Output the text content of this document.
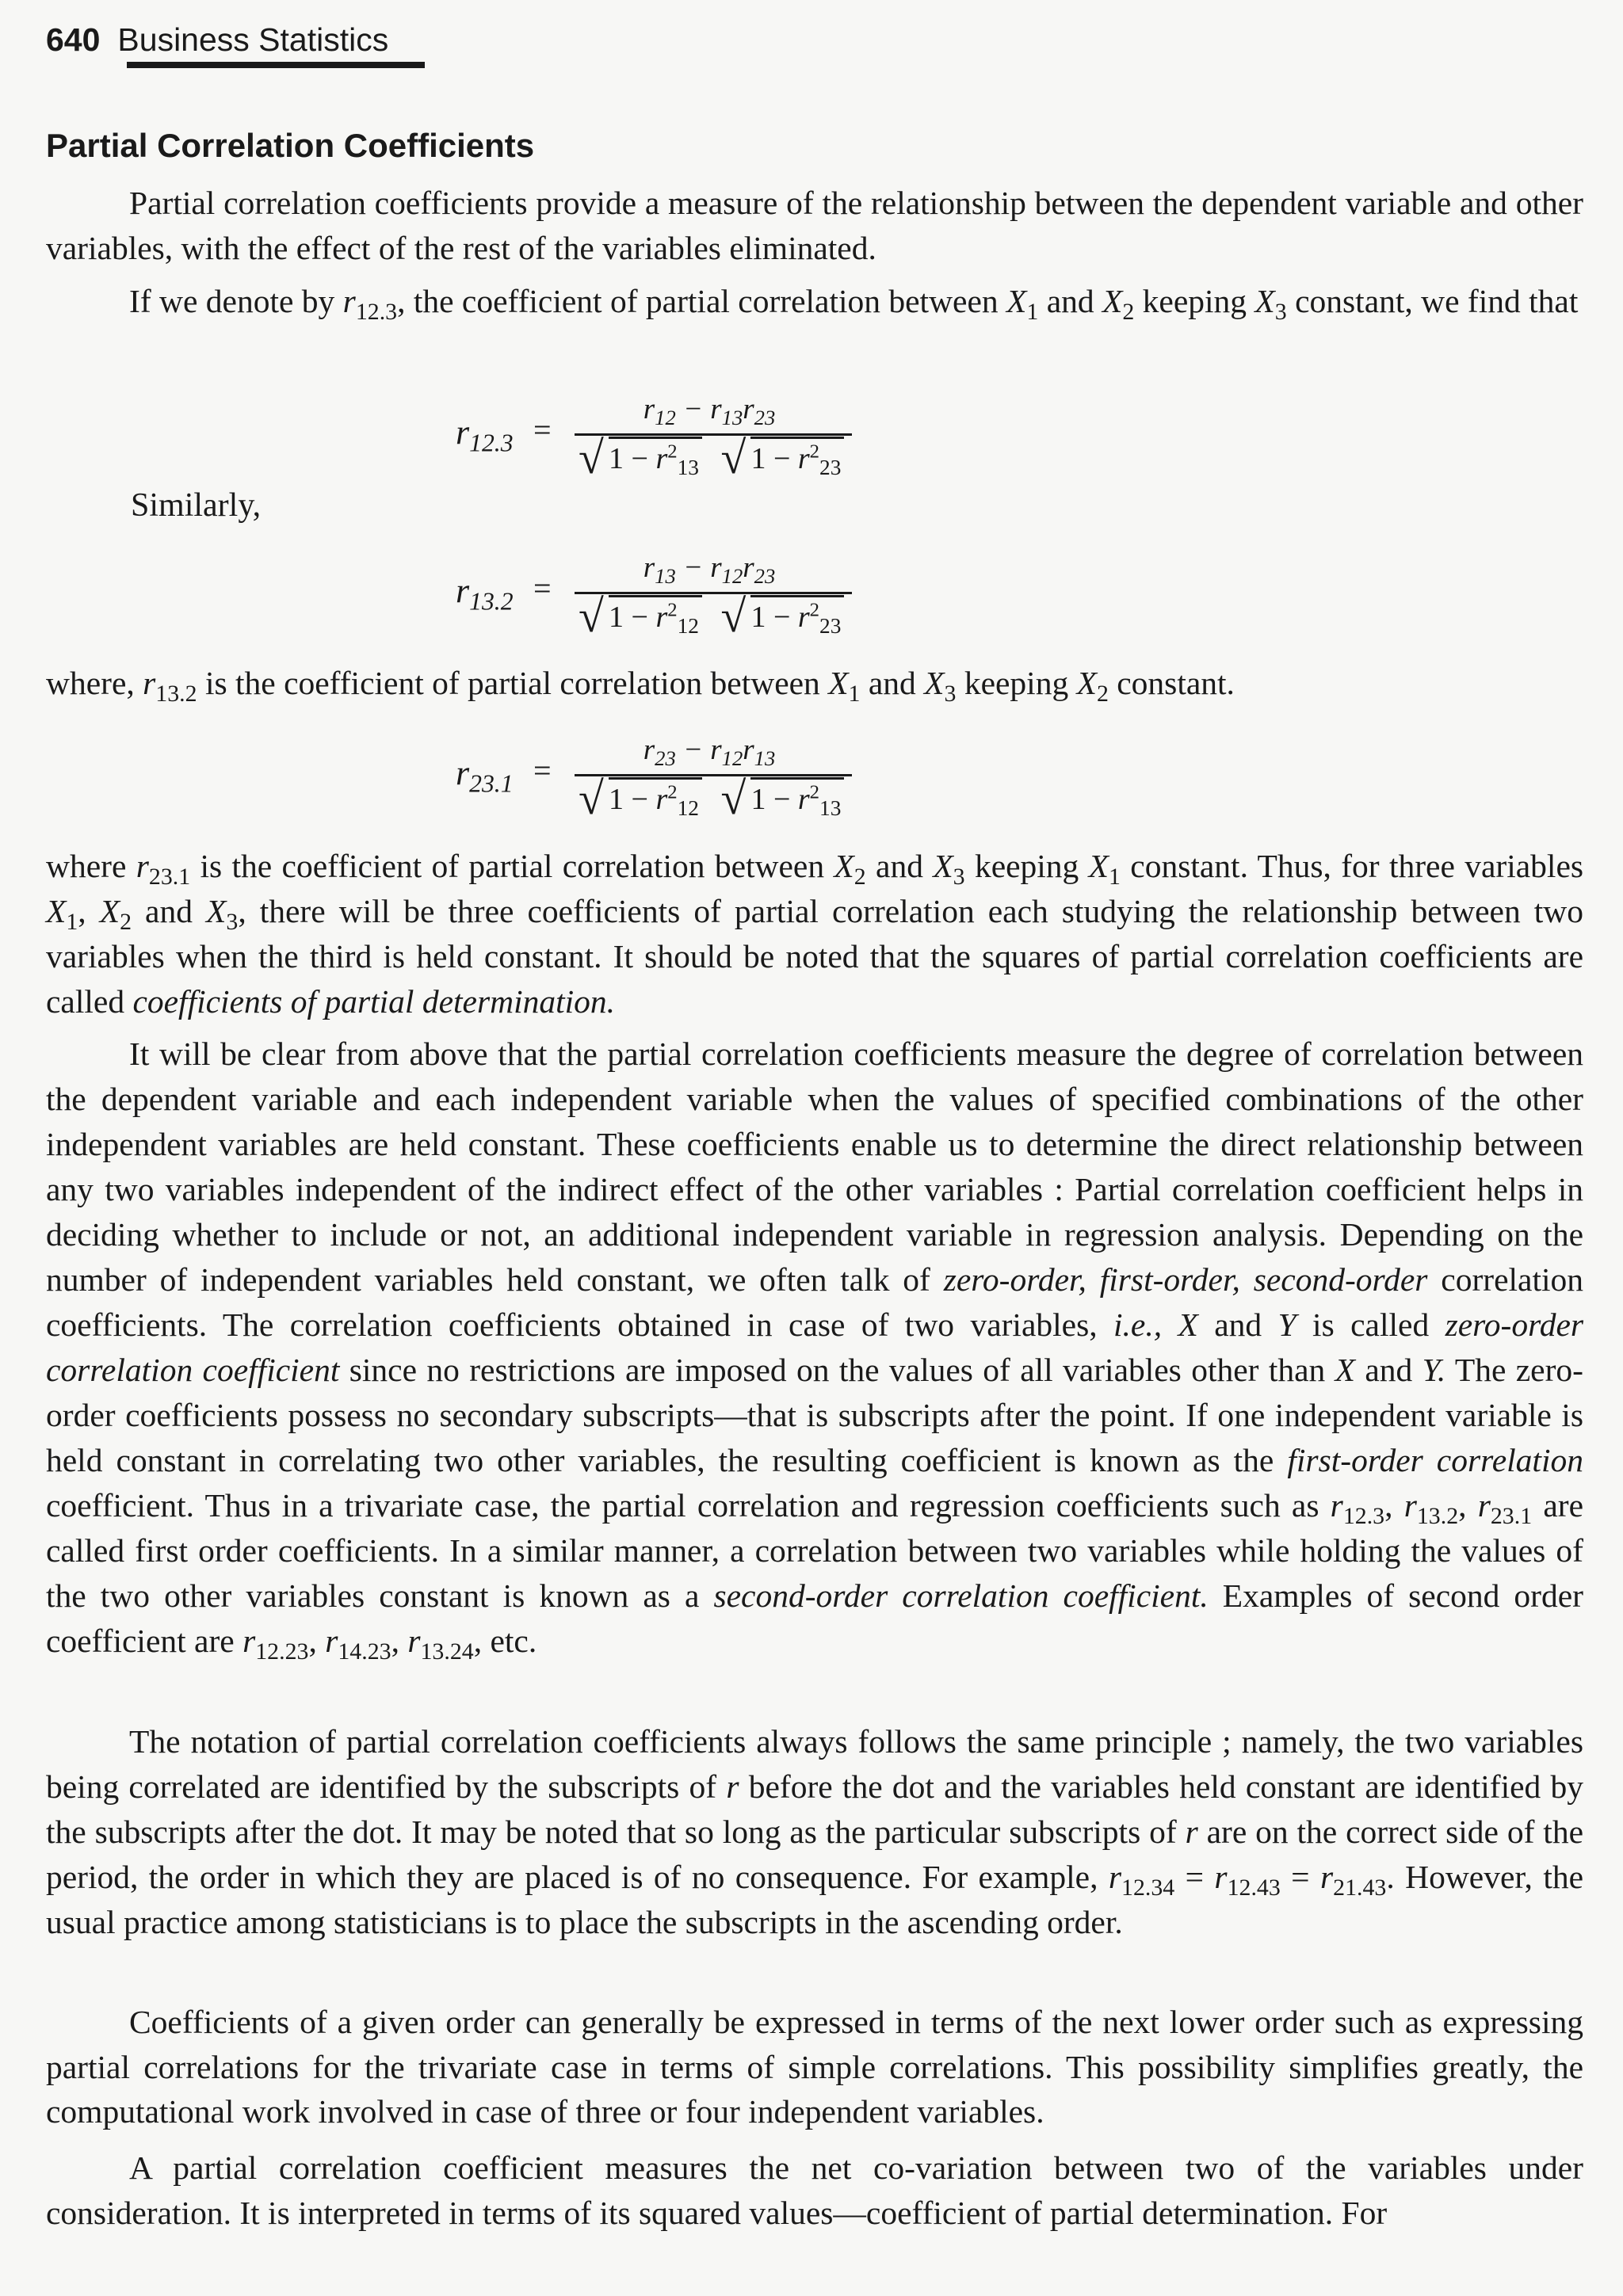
640 Business Statistics
Partial Correlation Coefficients
Partial correlation coefficients provide a measure of the relationship between the dependent variable and other variables, with the effect of the rest of the variables eliminated.
If we denote by $r_{12.3}$, the coefficient of partial correlation between $X_1$ and $X_2$ keeping $X_3$ constant, we find that
$r_{12.3}$ =
$r_{12} - r_{13}r_{23}$
√ $1 - r^2_{13}$ √ $1 - r^2_{23}$
Similarly,
$r_{13.2}$ =
$r_{13} - r_{12}r_{23}$
√ $1 - r^2_{12}$ √ $1 - r^2_{23}$
where, $r_{13.2}$ is the coefficient of partial correlation between $X_1$ and $X_3$ keeping $X_2$ constant.
$r_{23.1}$ =
$r_{23} - r_{12}r_{13}$
√ $1 - r^2_{12}$ √ $1 - r^2_{13}$
where $r_{23.1}$ is the coefficient of partial correlation between $X_2$ and $X_3$ keeping $X_1$ constant. Thus, for three variables $X_1$, $X_2$ and $X_3$, there will be three coefficients of partial correlation each studying the relationship between two variables when the third is held constant. It should be noted that the squares of partial correlation coefficients are called coefficients of partial determination.
It will be clear from above that the partial correlation coefficients measure the degree of correlation between the dependent variable and each independent variable when the values of specified combinations of the other independent variables are held constant. These coefficients enable us to determine the direct relationship between any two variables independent of the indirect effect of the other variables : Partial correlation coefficient helps in deciding whether to include or not, an additional independent variable in regression analysis. Depending on the number of independent variables held constant, we often talk of zero-order, first-order, second-order correlation coefficients. The correlation coefficients obtained in case of two variables, i.e., X and Y is called zero-order correlation coefficient since no restrictions are imposed on the values of all variables other than X and Y. The zero-order coefficients possess no secondary subscripts—that is subscripts after the point. If one independent variable is held constant in correlating two other variables, the resulting coefficient is known as the first-order correlation coefficient. Thus in a trivariate case, the partial correlation and regression coefficients such as $r_{12.3}$, $r_{13.2}$, $r_{23.1}$ are called first order coefficients. In a similar manner, a correlation between two variables while holding the values of the two other variables constant is known as a second-order correlation coefficient. Examples of second order coefficient are $r_{12.23}$, $r_{14.23}$, $r_{13.24}$, etc.
The notation of partial correlation coefficients always follows the same principle ; namely, the two variables being correlated are identified by the subscripts of r before the dot and the variables held constant are identified by the subscripts after the dot. It may be noted that so long as the particular subscripts of r are on the correct side of the period, the order in which they are placed is of no consequence. For example, $r_{12.34} = r_{12.43} = r_{21.43}$. However, the usual practice among statisticians is to place the subscripts in the ascending order.
Coefficients of a given order can generally be expressed in terms of the next lower order such as expressing partial correlations for the trivariate case in terms of simple correlations. This possibility simplifies greatly, the computational work involved in case of three or four independent variables.
A partial correlation coefficient measures the net co-variation between two of the variables under consideration. It is interpreted in terms of its squared values—coefficient of partial determination. For
